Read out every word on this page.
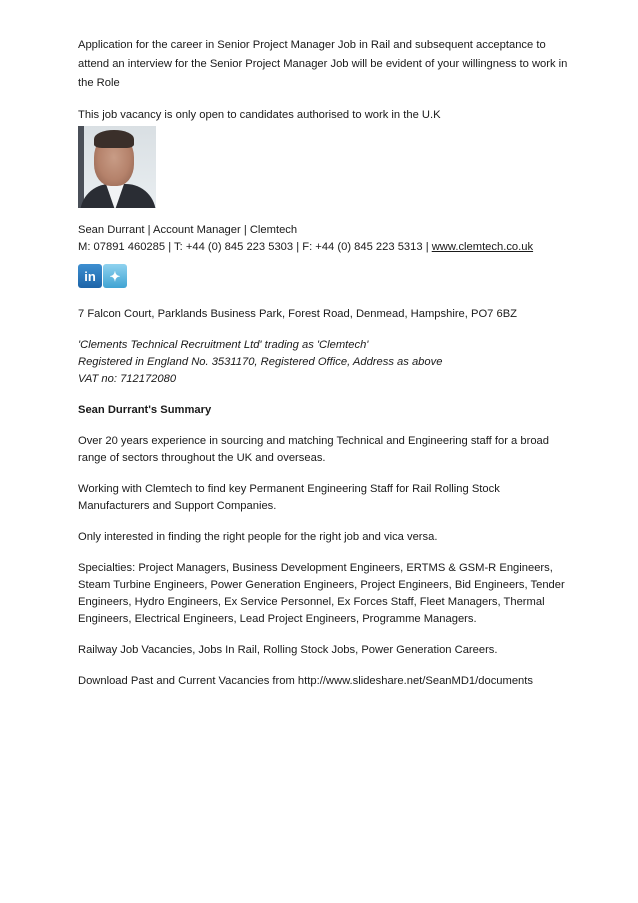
Application for the career in Senior Project Manager Job in Rail and subsequent acceptance to attend an interview for the Senior Project Manager Job will be evident of your willingness to work in the Role

This job vacancy is only open to candidates authorised to work in the U.K

Sean Durrant | Account Manager | Clemtech

M: 07891 460285 | T: +44 (0) 845 223 5303 | F: +44 (0) 845 223 5313 | www.clemtech.co.uk

in	✦

7 Falcon Court, Parklands Business Park, Forest Road, Denmead, Hampshire, PO7 6BZ

'Clements Technical Recruitment Ltd' trading as 'Clemtech'

Registered in England No. 3531170, Registered Office, Address as above

VAT no: 712172080

Sean Durrant's Summary

Over 20 years experience in sourcing and matching Technical and Engineering staff for a broad range of sectors throughout the UK and overseas.

Working with Clemtech to find key Permanent Engineering Staff for Rail Rolling Stock Manufacturers and Support Companies.

Only interested in finding the right people for the right job and vica versa.

Specialties: Project Managers, Business Development Engineers, ERTMS & GSM-R Engineers, Steam Turbine Engineers, Power Generation Engineers, Project Engineers, Bid Engineers, Tender Engineers, Hydro Engineers, Ex Service Personnel, Ex Forces Staff, Fleet Managers, Thermal Engineers, Electrical Engineers, Lead Project Engineers, Programme Managers.

Railway Job Vacancies, Jobs In Rail, Rolling Stock Jobs, Power Generation Careers.

Download Past and Current Vacancies from http://www.slideshare.net/SeanMD1/documents
